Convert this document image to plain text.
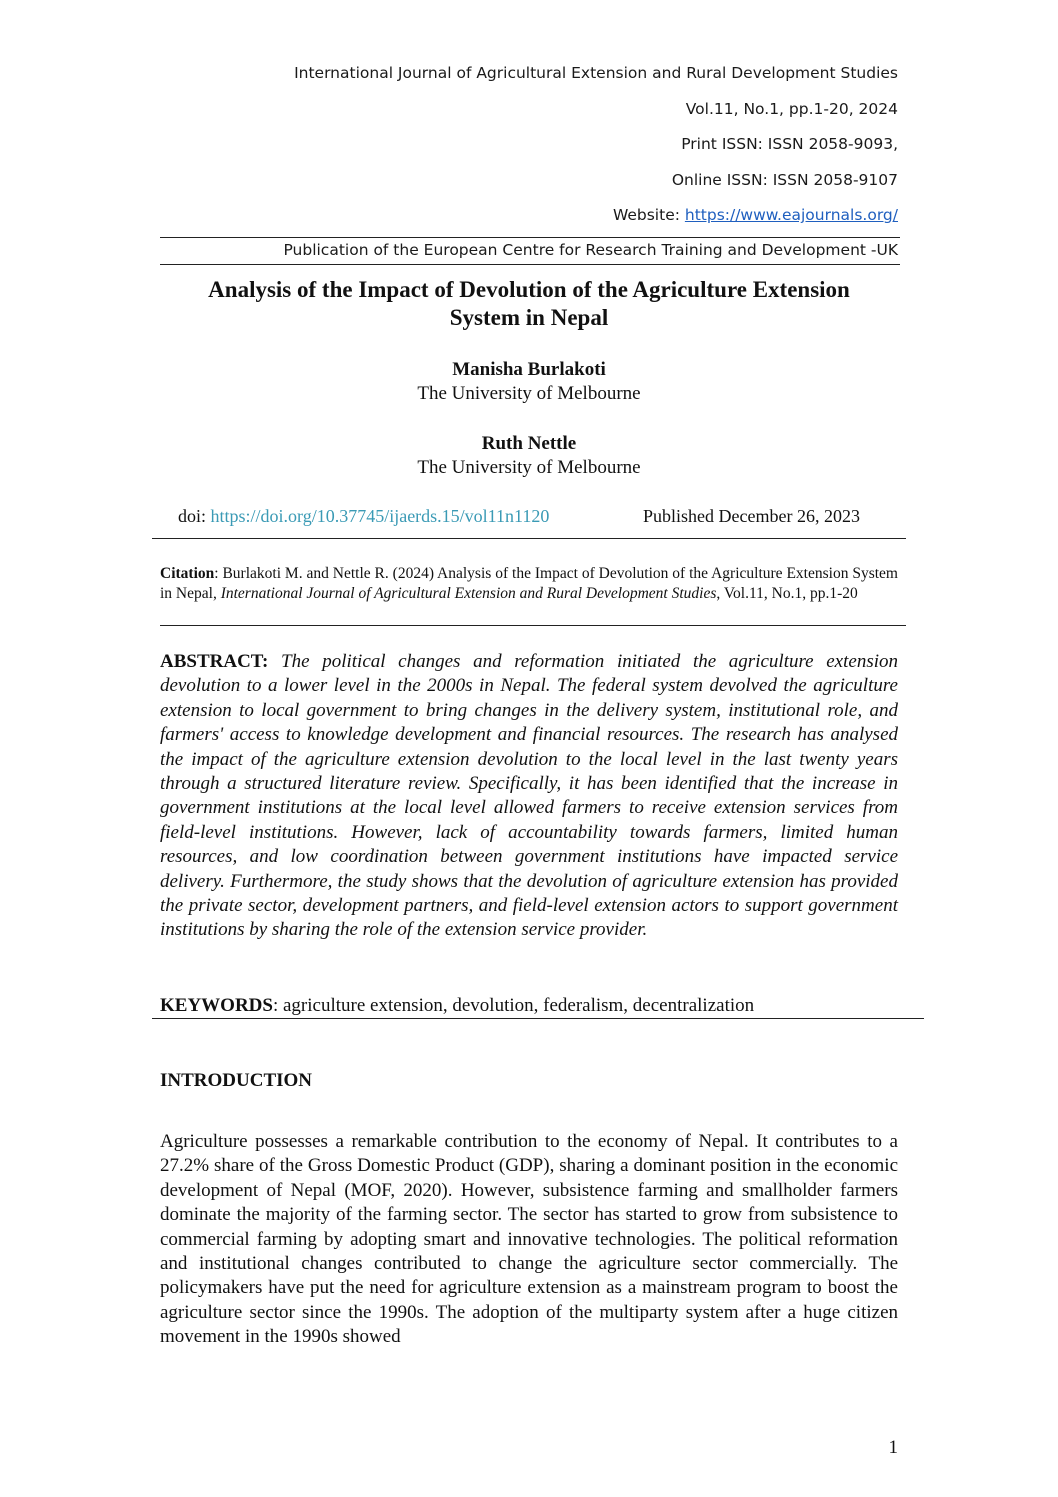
International Journal of Agricultural Extension and Rural Development Studies

Vol.11, No.1, pp.1-20, 2024

Print ISSN: ISSN 2058-9093,

Online ISSN: ISSN 2058-9107

Website: https://www.eajournals.org/

Publication of the European Centre for Research Training and Development -UK

Analysis of the Impact of Devolution of the Agriculture Extension
System in Nepal
Manisha Burlakoti
The University of Melbourne
Ruth Nettle
The University of Melbourne
doi: https://doi.org/10.37745/ijaerds.15/vol11n1120	Published December 26, 2023

Citation: Burlakoti M. and Nettle R. (2024) Analysis of the Impact of Devolution of the Agriculture Extension System in Nepal, International Journal of Agricultural Extension and Rural Development Studies, Vol.11, No.1, pp.1-20

ABSTRACT: The political changes and reformation initiated the agriculture extension devolution to a lower level in the 2000s in Nepal. The federal system devolved the agriculture extension to local government to bring changes in the delivery system, institutional role, and farmers' access to knowledge development and financial resources. The research has analysed the impact of the agriculture extension devolution to the local level in the last twenty years through a structured literature review. Specifically, it has been identified that the increase in government institutions at the local level allowed farmers to receive extension services from field-level institutions. However, lack of accountability towards farmers, limited human resources, and low coordination between government institutions have impacted service delivery. Furthermore, the study shows that the devolution of agriculture extension has provided the private sector, development partners, and field-level extension actors to support government institutions by sharing the role of the extension service provider.

KEYWORDS: agriculture extension, devolution, federalism, decentralization
INTRODUCTION

Agriculture possesses a remarkable contribution to the economy of Nepal. It contributes to a 27.2% share of the Gross Domestic Product (GDP), sharing a dominant position in the economic development of Nepal (MOF, 2020). However, subsistence farming and smallholder farmers dominate the majority of the farming sector. The sector has started to grow from subsistence to commercial farming by adopting smart and innovative technologies. The political reformation and institutional changes contributed to change the agriculture sector commercially. The policymakers have put the need for agriculture extension as a mainstream program to boost the agriculture sector since the 1990s. The adoption of the multiparty system after a huge citizen movement in the 1990s showed

1
